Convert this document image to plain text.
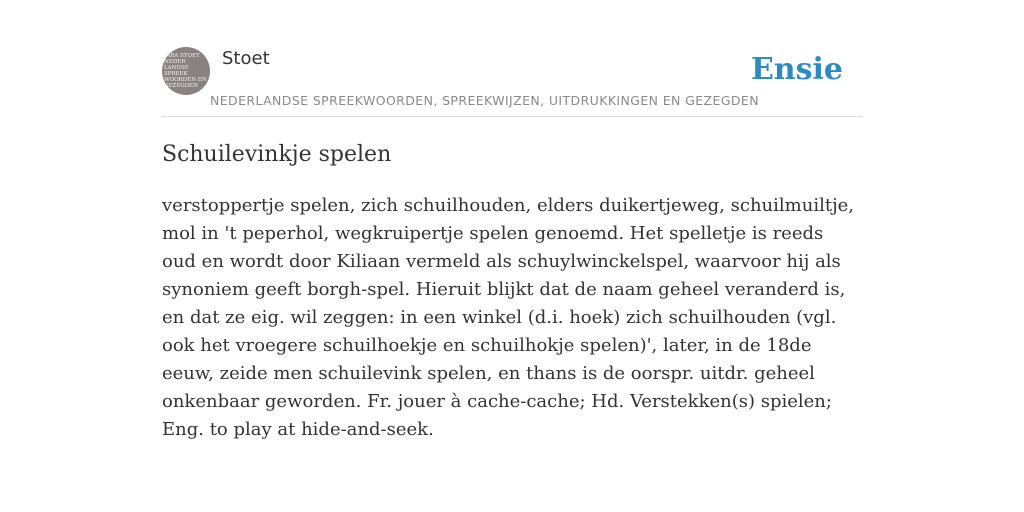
JARA STOET
NEDER
LANDSE
SPREEK
WOORDEN EN
GEZEGDEN
Stoet
NEDERLANDSE SPREEKWOORDEN, SPREEKWIJZEN, UITDRUKKINGEN EN GEZEGDEN
Ensie
Schuilevinkje spelen

verstoppertje spelen, zich schuilhouden, elders duikertjeweg, schuilmuiltje, mol in 't peperhol, wegkruipertje spelen genoemd. Het spelletje is reeds oud en wordt door Kiliaan vermeld als schuylwinckelspel, waarvoor hij als synoniem geeft borgh-spel. Hieruit blijkt dat de naam geheel veranderd is, en dat ze eig. wil zeggen: in een winkel (d.i. hoek) zich schuilhouden (vgl. ook het vroegere schuilhoekje en schuilhokje spelen)', later, in de 18de eeuw, zeide men schuilevink spelen, en thans is de oorspr. uitdr. geheel onkenbaar geworden. Fr. jouer à cache-cache; Hd. Verstekken(s) spielen; Eng. to play at hide-and-seek.
